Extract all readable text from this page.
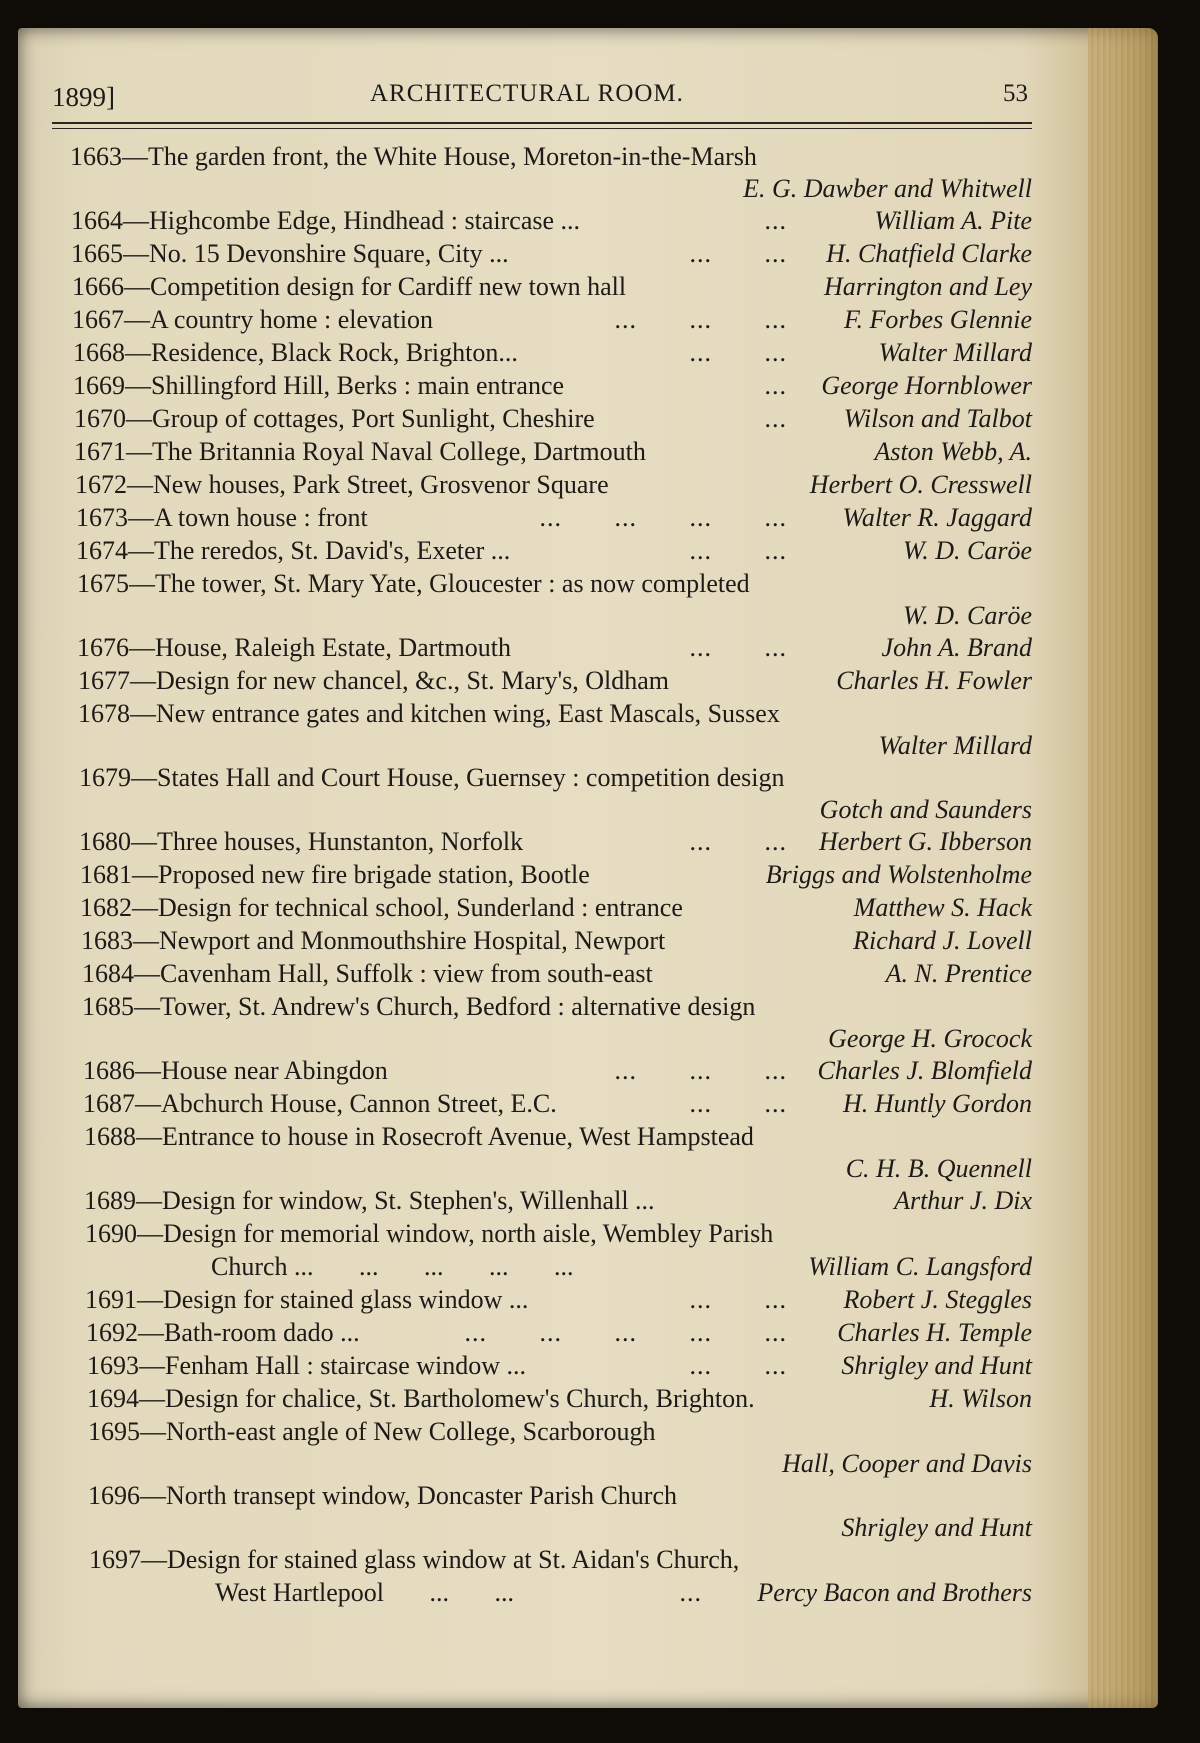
1899]	ARCHITECTURAL ROOM.	53
1663—The garden front, the White House, Moreton-in-the-Marsh
E. G. Dawber and Whitwell
1664—Highcombe Edge, Hindhead : staircase ...	...	William A. Pite
1665—No. 15 Devonshire Square, City ...	...       ... H. Chatfield Clarke
1666—Competition design for Cardiff new town hall	Harrington and Ley
1667—A country home : elevation	...       ...       ... F. Forbes Glennie
1668—Residence, Black Rock, Brighton...	...       ...	Walter Millard
1669—Shillingford Hill, Berks : main entrance	... George Hornblower
1670—Group of cottages, Port Sunlight, Cheshire	... Wilson and Talbot
1671—The Britannia Royal Naval College, Dartmouth	Aston Webb, A.
1672—New houses, Park Street, Grosvenor Square	Herbert O. Cresswell
1673—A town house : front	...       ...       ...       ... Walter R. Jaggard
1674—The reredos, St. David's, Exeter ...	...       ...	W. D. Caröe
1675—The tower, St. Mary Yate, Gloucester : as now completed
W. D. Caröe
1676—House, Raleigh Estate, Dartmouth	...       ...	John A. Brand
1677—Design for new chancel, &c., St. Mary's, Oldham	Charles H. Fowler
1678—New entrance gates and kitchen wing, East Mascals, Sussex
Walter Millard
1679—States Hall and Court House, Guernsey : competition design
Gotch and Saunders
1680—Three houses, Hunstanton, Norfolk	...       ... Herbert G. Ibberson
1681—Proposed new fire brigade station, Bootle	Briggs and Wolstenholme
1682—Design for technical school, Sunderland : entrance	Matthew S. Hack
1683—Newport and Monmouthshire Hospital, Newport	Richard J. Lovell
1684—Cavenham Hall, Suffolk : view from south-east	A. N. Prentice
1685—Tower, St. Andrew's Church, Bedford : alternative design
George H. Grocock
1686—House near Abingdon	...       ...       ... Charles J. Blomfield
1687—Abchurch House, Cannon Street, E.C.	...       ... H. Huntly Gordon
1688—Entrance to house in Rosecroft Avenue, West Hampstead
C. H. B. Quennell
1689—Design for window, St. Stephen's, Willenhall ...	Arthur J. Dix
1690—Design for memorial window, north aisle, Wembley Parish
Church ...       ...       ...       ...       ...	William C. Langsford
1691—Design for stained glass window ...	...       ... Robert J. Steggles
1692—Bath-room dado ...	...       ...       ...       ...       ... Charles H. Temple
1693—Fenham Hall : staircase window ...	...       ... Shrigley and Hunt
1694—Design for chalice, St. Bartholomew's Church, Brighton.	H. Wilson
1695—North-east angle of New College, Scarborough
Hall, Cooper and Davis
1696—North transept window, Doncaster Parish Church
Shrigley and Hunt
1697—Design for stained glass window at St. Aidan's Church,
West Hartlepool       ...       ...	... Percy Bacon and Brothers
